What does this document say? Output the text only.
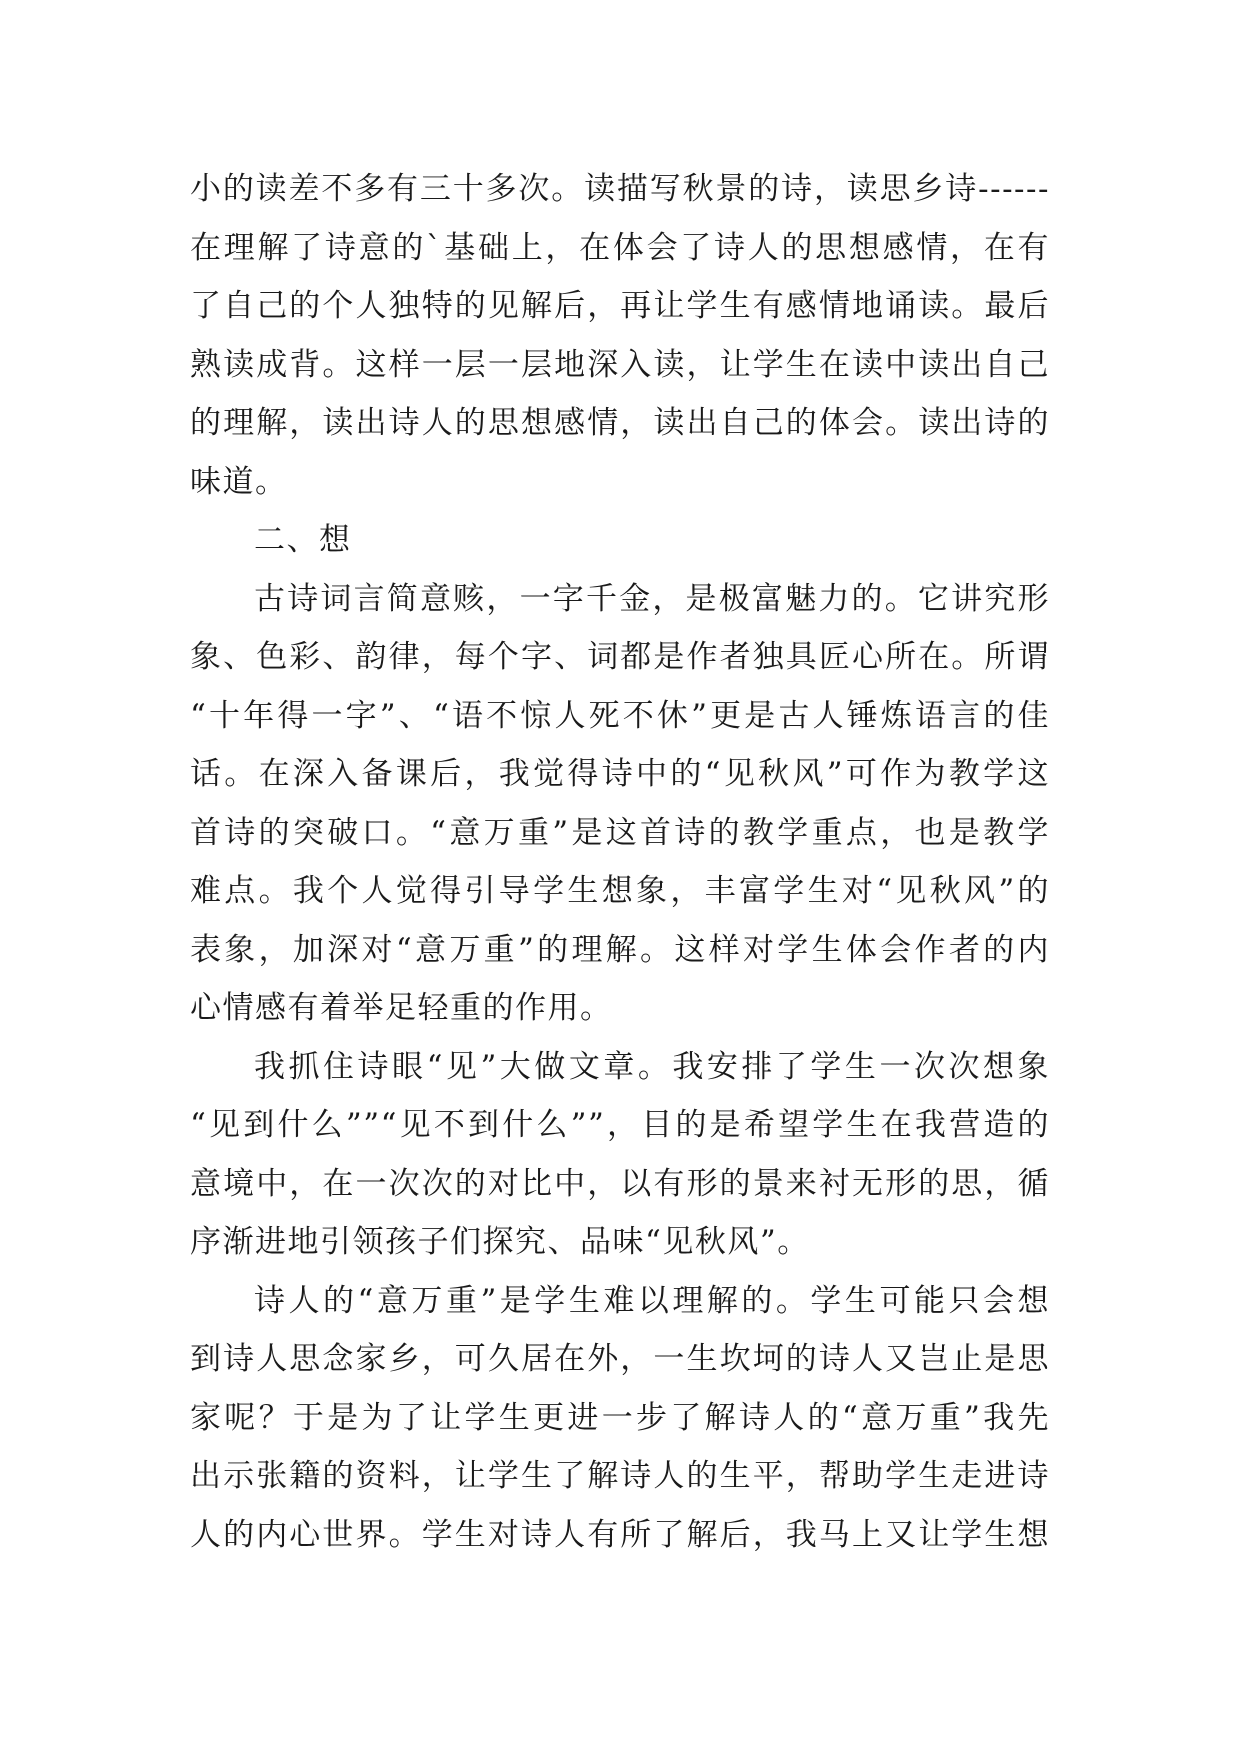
小的读差不多有三十多次。读描写秋景的诗，读思乡诗------
在理解了诗意的`基础上，在体会了诗人的思想感情，在有
了自己的个人独特的见解后，再让学生有感情地诵读。最后
熟读成背。这样一层一层地深入读，让学生在读中读出自己
的理解，读出诗人的思想感情，读出自己的体会。读出诗的
味道。
二、想
古诗词言简意赅，一字千金，是极富魅力的。它讲究形
象、色彩、韵律，每个字、词都是作者独具匠心所在。所谓
“十年得一字”、“语不惊人死不休”更是古人锤炼语言的佳
话。在深入备课后，我觉得诗中的“见秋风”可作为教学这
首诗的突破口。“意万重”是这首诗的教学重点，也是教学
难点。我个人觉得引导学生想象，丰富学生对“见秋风”的
表象，加深对“意万重”的理解。这样对学生体会作者的内
心情感有着举足轻重的作用。
我抓住诗眼“见”大做文章。我安排了学生一次次想象
“见到什么””“见不到什么””，目的是希望学生在我营造的
意境中，在一次次的对比中，以有形的景来衬无形的思，循
序渐进地引领孩子们探究、品味“见秋风”。
诗人的“意万重”是学生难以理解的。学生可能只会想
到诗人思念家乡，可久居在外，一生坎坷的诗人又岂止是思
家呢？于是为了让学生更进一步了解诗人的“意万重”我先
出示张籍的资料，让学生了解诗人的生平，帮助学生走进诗
人的内心世界。学生对诗人有所了解后，我马上又让学生想
